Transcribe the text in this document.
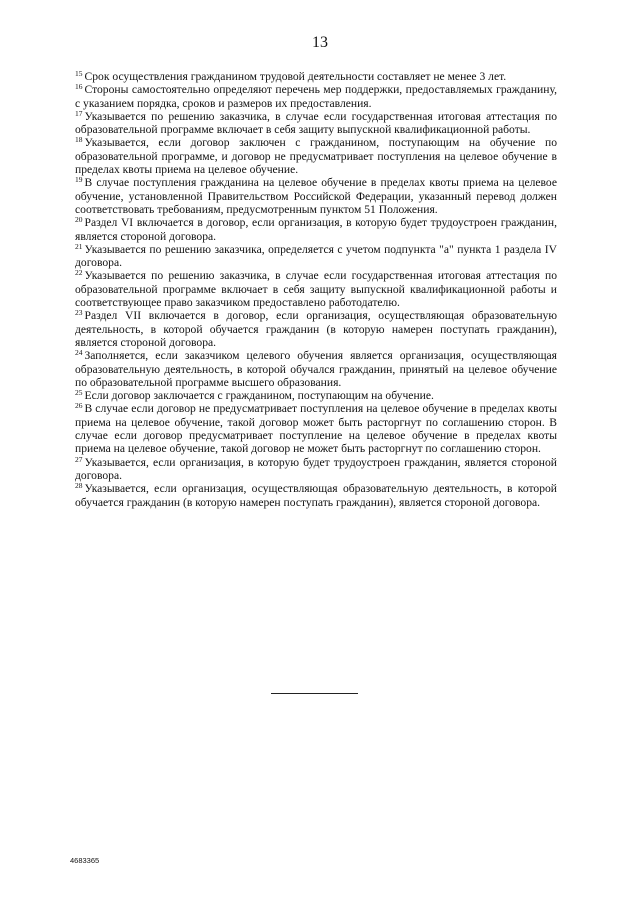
13

$^{15}$ Срок осуществления гражданином трудовой деятельности составляет не менее 3 лет.

$^{16}$ Стороны самостоятельно определяют перечень мер поддержки, предоставляемых гражданину, с указанием порядка, сроков и размеров их предоставления.

$^{17}$ Указывается по решению заказчика, в случае если государственная итоговая аттестация по образовательной программе включает в себя защиту выпускной квалификационной работы.

$^{18}$ Указывается, если договор заключен с гражданином, поступающим на обучение по образовательной программе, и договор не предусматривает поступления на целевое обучение в пределах квоты приема на целевое обучение.

$^{19}$ В случае поступления гражданина на целевое обучение в пределах квоты приема на целевое обучение, установленной Правительством Российской Федерации, указанный перевод должен соответствовать требованиям, предусмотренным пунктом 51 Положения.

$^{20}$ Раздел VI включается в договор, если организация, в которую будет трудоустроен гражданин, является стороной договора.

$^{21}$ Указывается по решению заказчика, определяется с учетом подпункта "а" пункта 1 раздела IV договора.

$^{22}$ Указывается по решению заказчика, в случае если государственная итоговая аттестация по образовательной программе включает в себя защиту выпускной квалификационной работы и соответствующее право заказчиком предоставлено работодателю.

$^{23}$ Раздел VII включается в договор, если организация, осуществляющая образовательную деятельность, в которой обучается гражданин (в которую намерен поступать гражданин), является стороной договора.

$^{24}$ Заполняется, если заказчиком целевого обучения является организация, осуществляющая образовательную деятельность, в которой обучался гражданин, принятый на целевое обучение по образовательной программе высшего образования.

$^{25}$ Если договор заключается с гражданином, поступающим на обучение.

$^{26}$ В случае если договор не предусматривает поступления на целевое обучение в пределах квоты приема на целевое обучение, такой договор может быть расторгнут по соглашению сторон. В случае если договор предусматривает поступление на целевое обучение в пределах квоты приема на целевое обучение, такой договор не может быть расторгнут по соглашению сторон.

$^{27}$ Указывается, если организация, в которую будет трудоустроен гражданин, является стороной договора.

$^{28}$ Указывается, если организация, осуществляющая образовательную деятельность, в которой обучается гражданин (в которую намерен поступать гражданин), является стороной договора.

4683365
